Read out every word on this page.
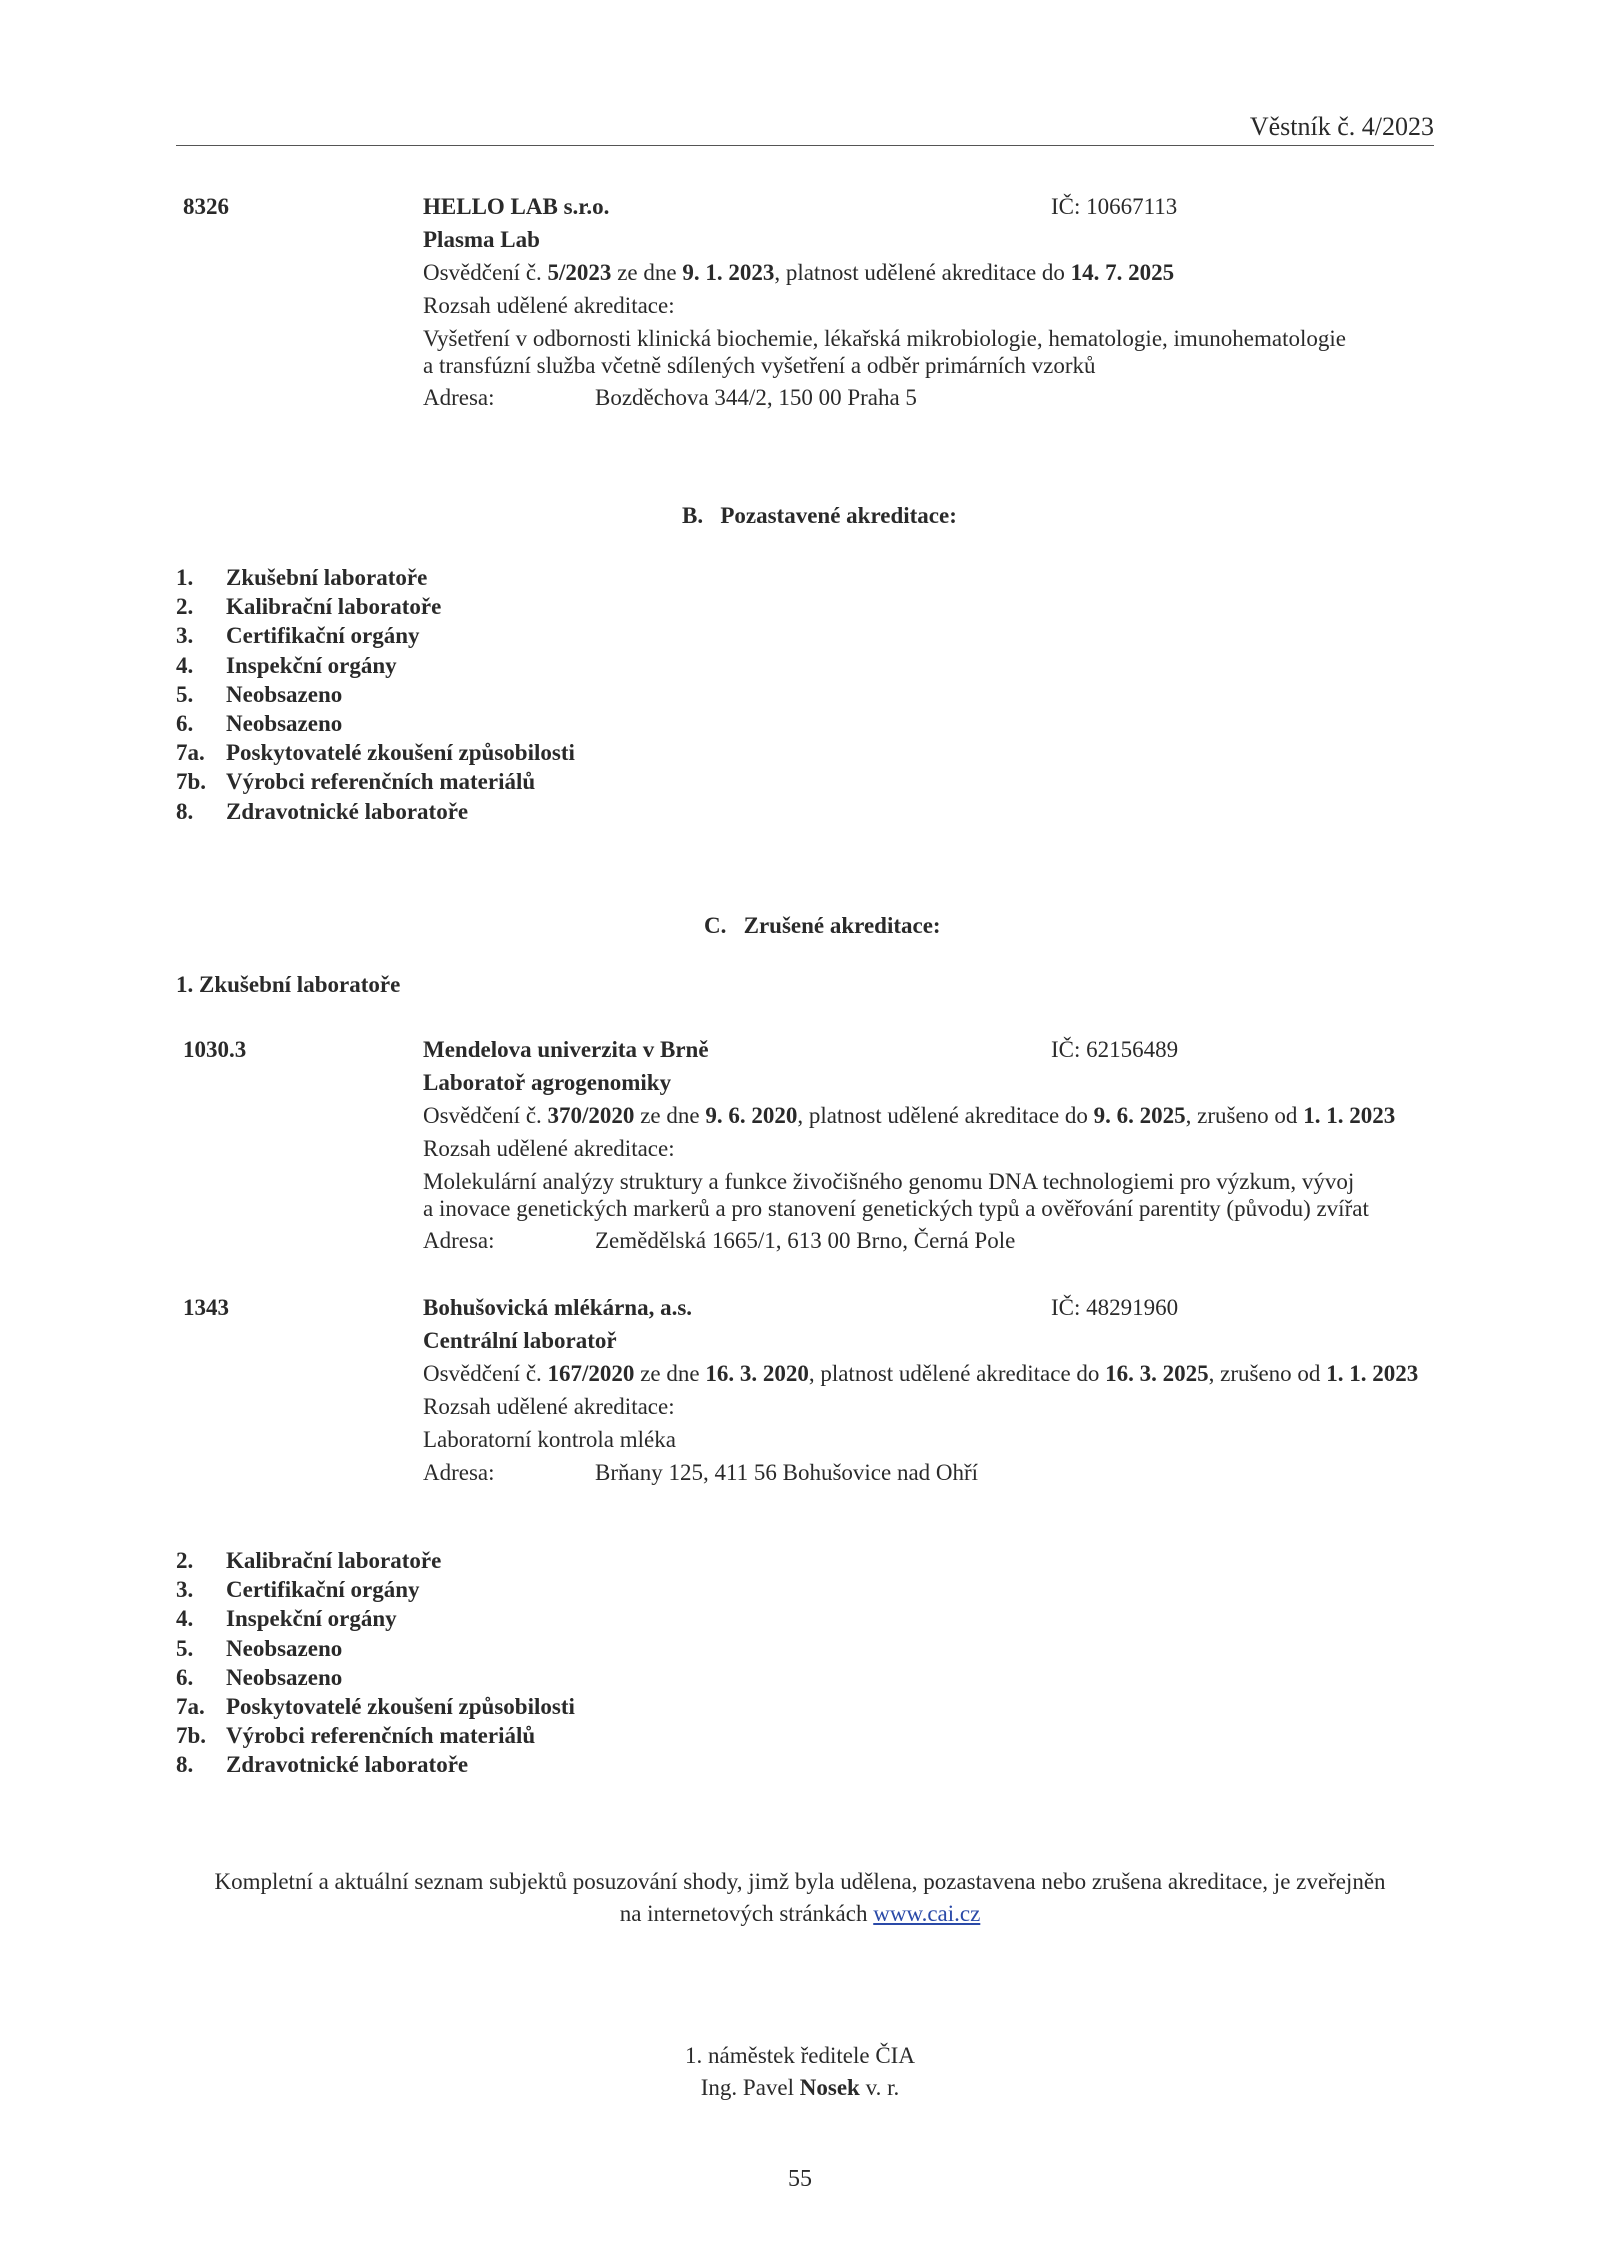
Věstník č. 4/2023
8326	HELLO LAB s.r.o.	IČ: 10667113
Plasma Lab
Osvědčení č. 5/2023 ze dne 9. 1. 2023, platnost udělené akreditace do 14. 7. 2025
Rozsah udělené akreditace:
Vyšetření v odbornosti klinická biochemie, lékařská mikrobiologie, hematologie, imunohematologie
a transfúzní služba včetně sdílených vyšetření a odběr primárních vzorků
Adresa:	Bozděchova 344/2, 150 00 Praha 5
B. Pozastavené akreditace:
1. Zkušební laboratoře
2. Kalibrační laboratoře
3. Certifikační orgány
4. Inspekční orgány
5. Neobsazeno
6. Neobsazeno
7a. Poskytovatelé zkoušení způsobilosti
7b. Výrobci referenčních materiálů
8. Zdravotnické laboratoře
C. Zrušené akreditace:
1. Zkušební laboratoře
1030.3	Mendelova univerzita v Brně	IČ: 62156489
Laboratoř agrogenomiky
Osvědčení č. 370/2020 ze dne 9. 6. 2020, platnost udělené akreditace do 9. 6. 2025, zrušeno od 1. 1. 2023
Rozsah udělené akreditace:
Molekulární analýzy struktury a funkce živočišného genomu DNA technologiemi pro výzkum, vývoj
a inovace genetických markerů a pro stanovení genetických typů a ověřování parentity (původu) zvířat
Adresa:	Zemědělská 1665/1, 613 00 Brno, Černá Pole
1343	Bohušovická mlékárna, a.s.	IČ: 48291960
Centrální laboratoř
Osvědčení č. 167/2020 ze dne 16. 3. 2020, platnost udělené akreditace do 16. 3. 2025, zrušeno od 1. 1. 2023
Rozsah udělené akreditace:
Laboratorní kontrola mléka
Adresa:	Brňany 125, 411 56 Bohušovice nad Ohří
2. Kalibrační laboratoře
3. Certifikační orgány
4. Inspekční orgány
5. Neobsazeno
6. Neobsazeno
7a. Poskytovatelé zkoušení způsobilosti
7b. Výrobci referenčních materiálů
8. Zdravotnické laboratoře
Kompletní a aktuální seznam subjektů posuzování shody, jimž byla udělena, pozastavena nebo zrušena akreditace, je zveřejněn
na internetových stránkách www.cai.cz
1. náměstek ředitele ČIA
Ing. Pavel Nosek v. r.
55
